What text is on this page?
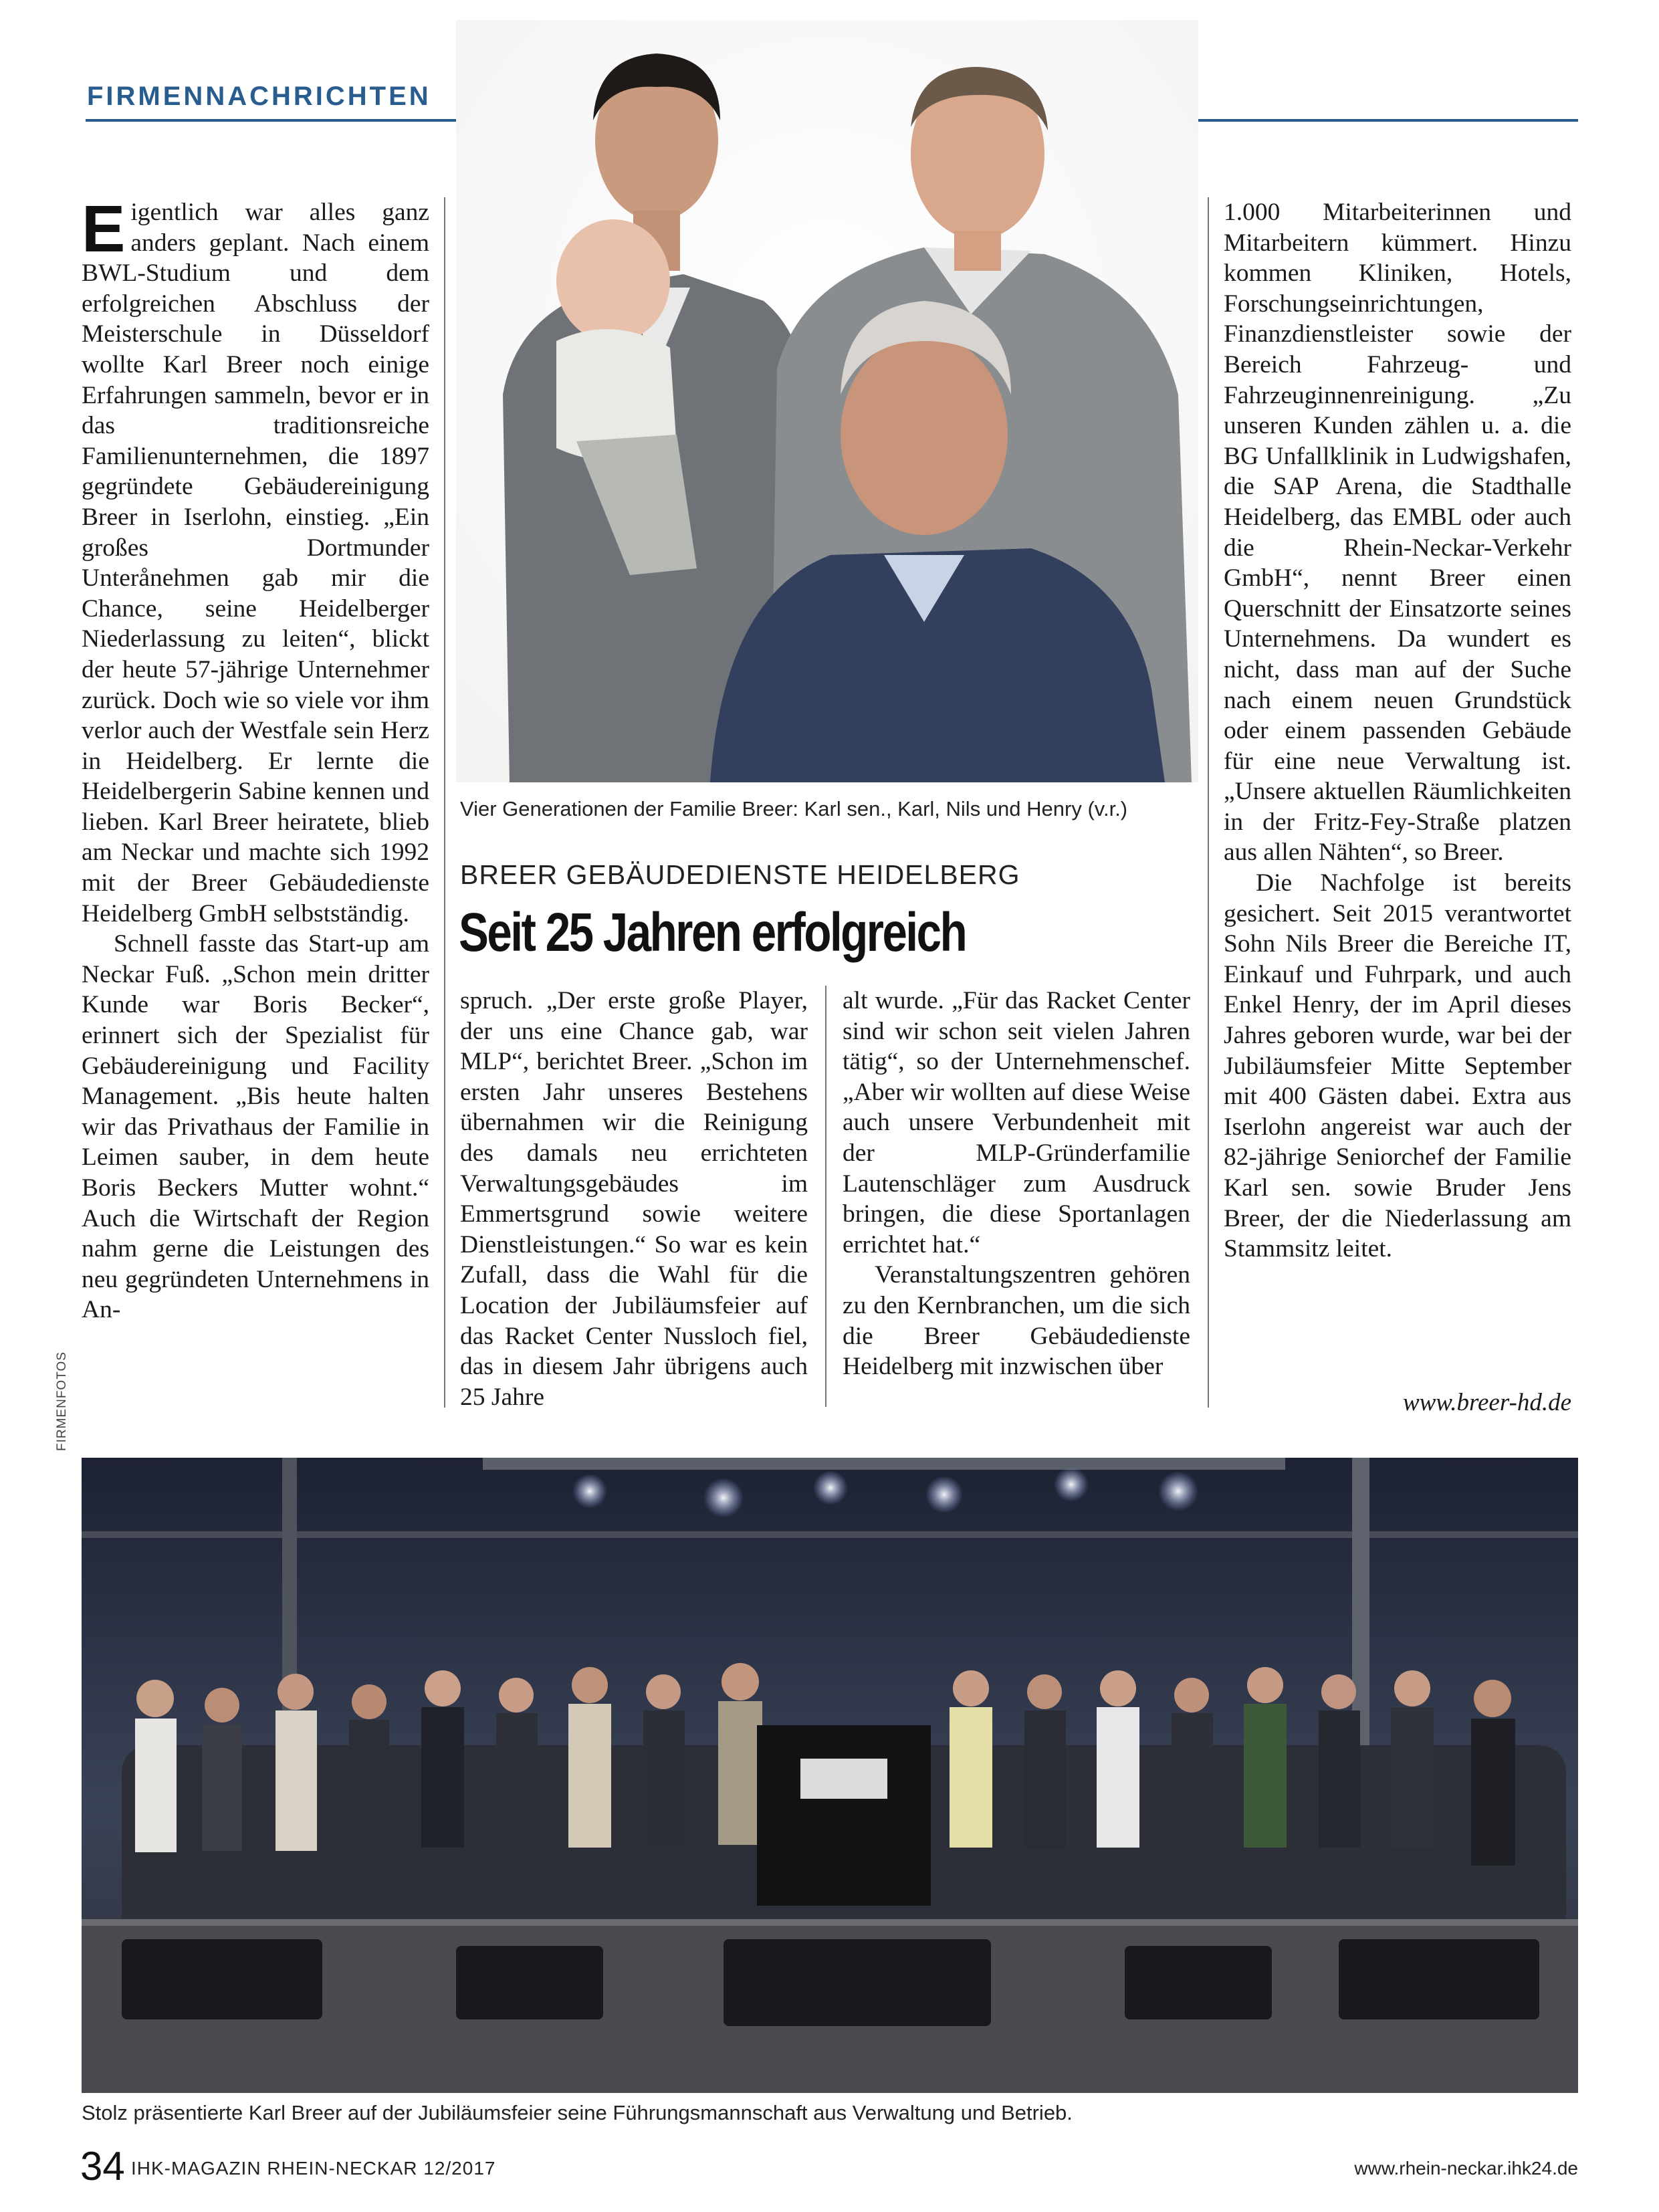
FIRMENNACHRICHTEN
Vier Generationen der Familie Breer: Karl sen., Karl, Nils und Henry (v.r.)
E igentlich war alles ganz anders geplant. Nach einem BWL-Studium und dem erfolgreichen Abschluss der Meisterschule in Düsseldorf wollte Karl Breer noch einige Erfahrungen sammeln, bevor er in das traditionsreiche Familienunternehmen, die 1897 gegründete Gebäudereinigung Breer in Iserlohn, einstieg. „Ein großes Dortmunder Unterånehmen gab mir die Chance, seine Heidelberger Niederlassung zu leiten“, blickt der heute 57-jährige Unternehmer zurück. Doch wie so viele vor ihm verlor auch der Westfale sein Herz in Heidelberg. Er lernte die Heidelbergerin Sabine kennen und lieben. Karl Breer heiratete, blieb am Neckar und machte sich 1992 mit der Breer Gebäudedienste Heidelberg GmbH selbstständig.

Schnell fasste das Start-up am Neckar Fuß. „Schon mein dritter Kunde war Boris Becker“, erinnert sich der Spezialist für Gebäudereinigung und Facility Management. „Bis heute halten wir das Privathaus der Familie in Leimen sauber, in dem heute Boris Beckers Mutter wohnt.“ Auch die Wirtschaft der Region nahm gerne die Leistungen des neu gegründeten Unternehmens in An-

BREER GEBÄUDEDIENSTE HEIDELBERG
Seit 25 Jahren erfolgreich

spruch. „Der erste große Player, der uns eine Chance gab, war MLP“, berichtet Breer. „Schon im ersten Jahr unseres Bestehens übernahmen wir die Reinigung des damals neu errichteten Verwaltungsgebäudes im Emmertsgrund sowie weitere Dienstleistungen.“ So war es kein Zufall, dass die Wahl für die Location der Jubiläumsfeier auf das Racket Center Nussloch fiel, das in diesem Jahr übrigens auch 25 Jahre

alt wurde. „Für das Racket Center sind wir schon seit vielen Jahren tätig“, so der Unternehmenschef. „Aber wir wollten auf diese Weise auch unsere Verbundenheit mit der MLP-Gründerfamilie Lautenschläger zum Ausdruck bringen, die diese Sportanlagen errichtet hat.“

Veranstaltungszentren gehören zu den Kernbranchen, um die sich die Breer Gebäudedienste Heidelberg mit inzwischen über

1.000 Mitarbeiterinnen und Mitarbeitern kümmert. Hinzu kommen Kliniken, Hotels, Forschungseinrichtungen, Finanzdienstleister sowie der Bereich Fahrzeug- und Fahrzeuginnenreinigung. „Zu unseren Kunden zählen u. a. die BG Unfallklinik in Ludwigshafen, die SAP Arena, die Stadthalle Heidelberg, das EMBL oder auch die Rhein-Neckar-Verkehr GmbH“, nennt Breer einen Querschnitt der Einsatzorte seines Unternehmens. Da wundert es nicht, dass man auf der Suche nach einem neuen Grundstück oder einem passenden Gebäude für eine neue Verwaltung ist. „Unsere aktuellen Räumlichkeiten in der Fritz-Fey-Straße platzen aus allen Nähten“, so Breer.

Die Nachfolge ist bereits gesichert. Seit 2015 verantwortet Sohn Nils Breer die Bereiche IT, Einkauf und Fuhrpark, und auch Enkel Henry, der im April dieses Jahres geboren wurde, war bei der Jubiläumsfeier Mitte September mit 400 Gästen dabei. Extra aus Iserlohn angereist war auch der 82-jährige Seniorchef der Familie Karl sen. sowie Bruder Jens Breer, der die Niederlassung am Stammsitz leitet.

www.breer-hd.de
FIRMENFOTOS
Stolz präsentierte Karl Breer auf der Jubiläumsfeier seine Führungsmannschaft aus Verwaltung und Betrieb.
34 IHK-MAGAZIN RHEIN-NECKAR 12/2017	www.rhein-neckar.ihk24.de
